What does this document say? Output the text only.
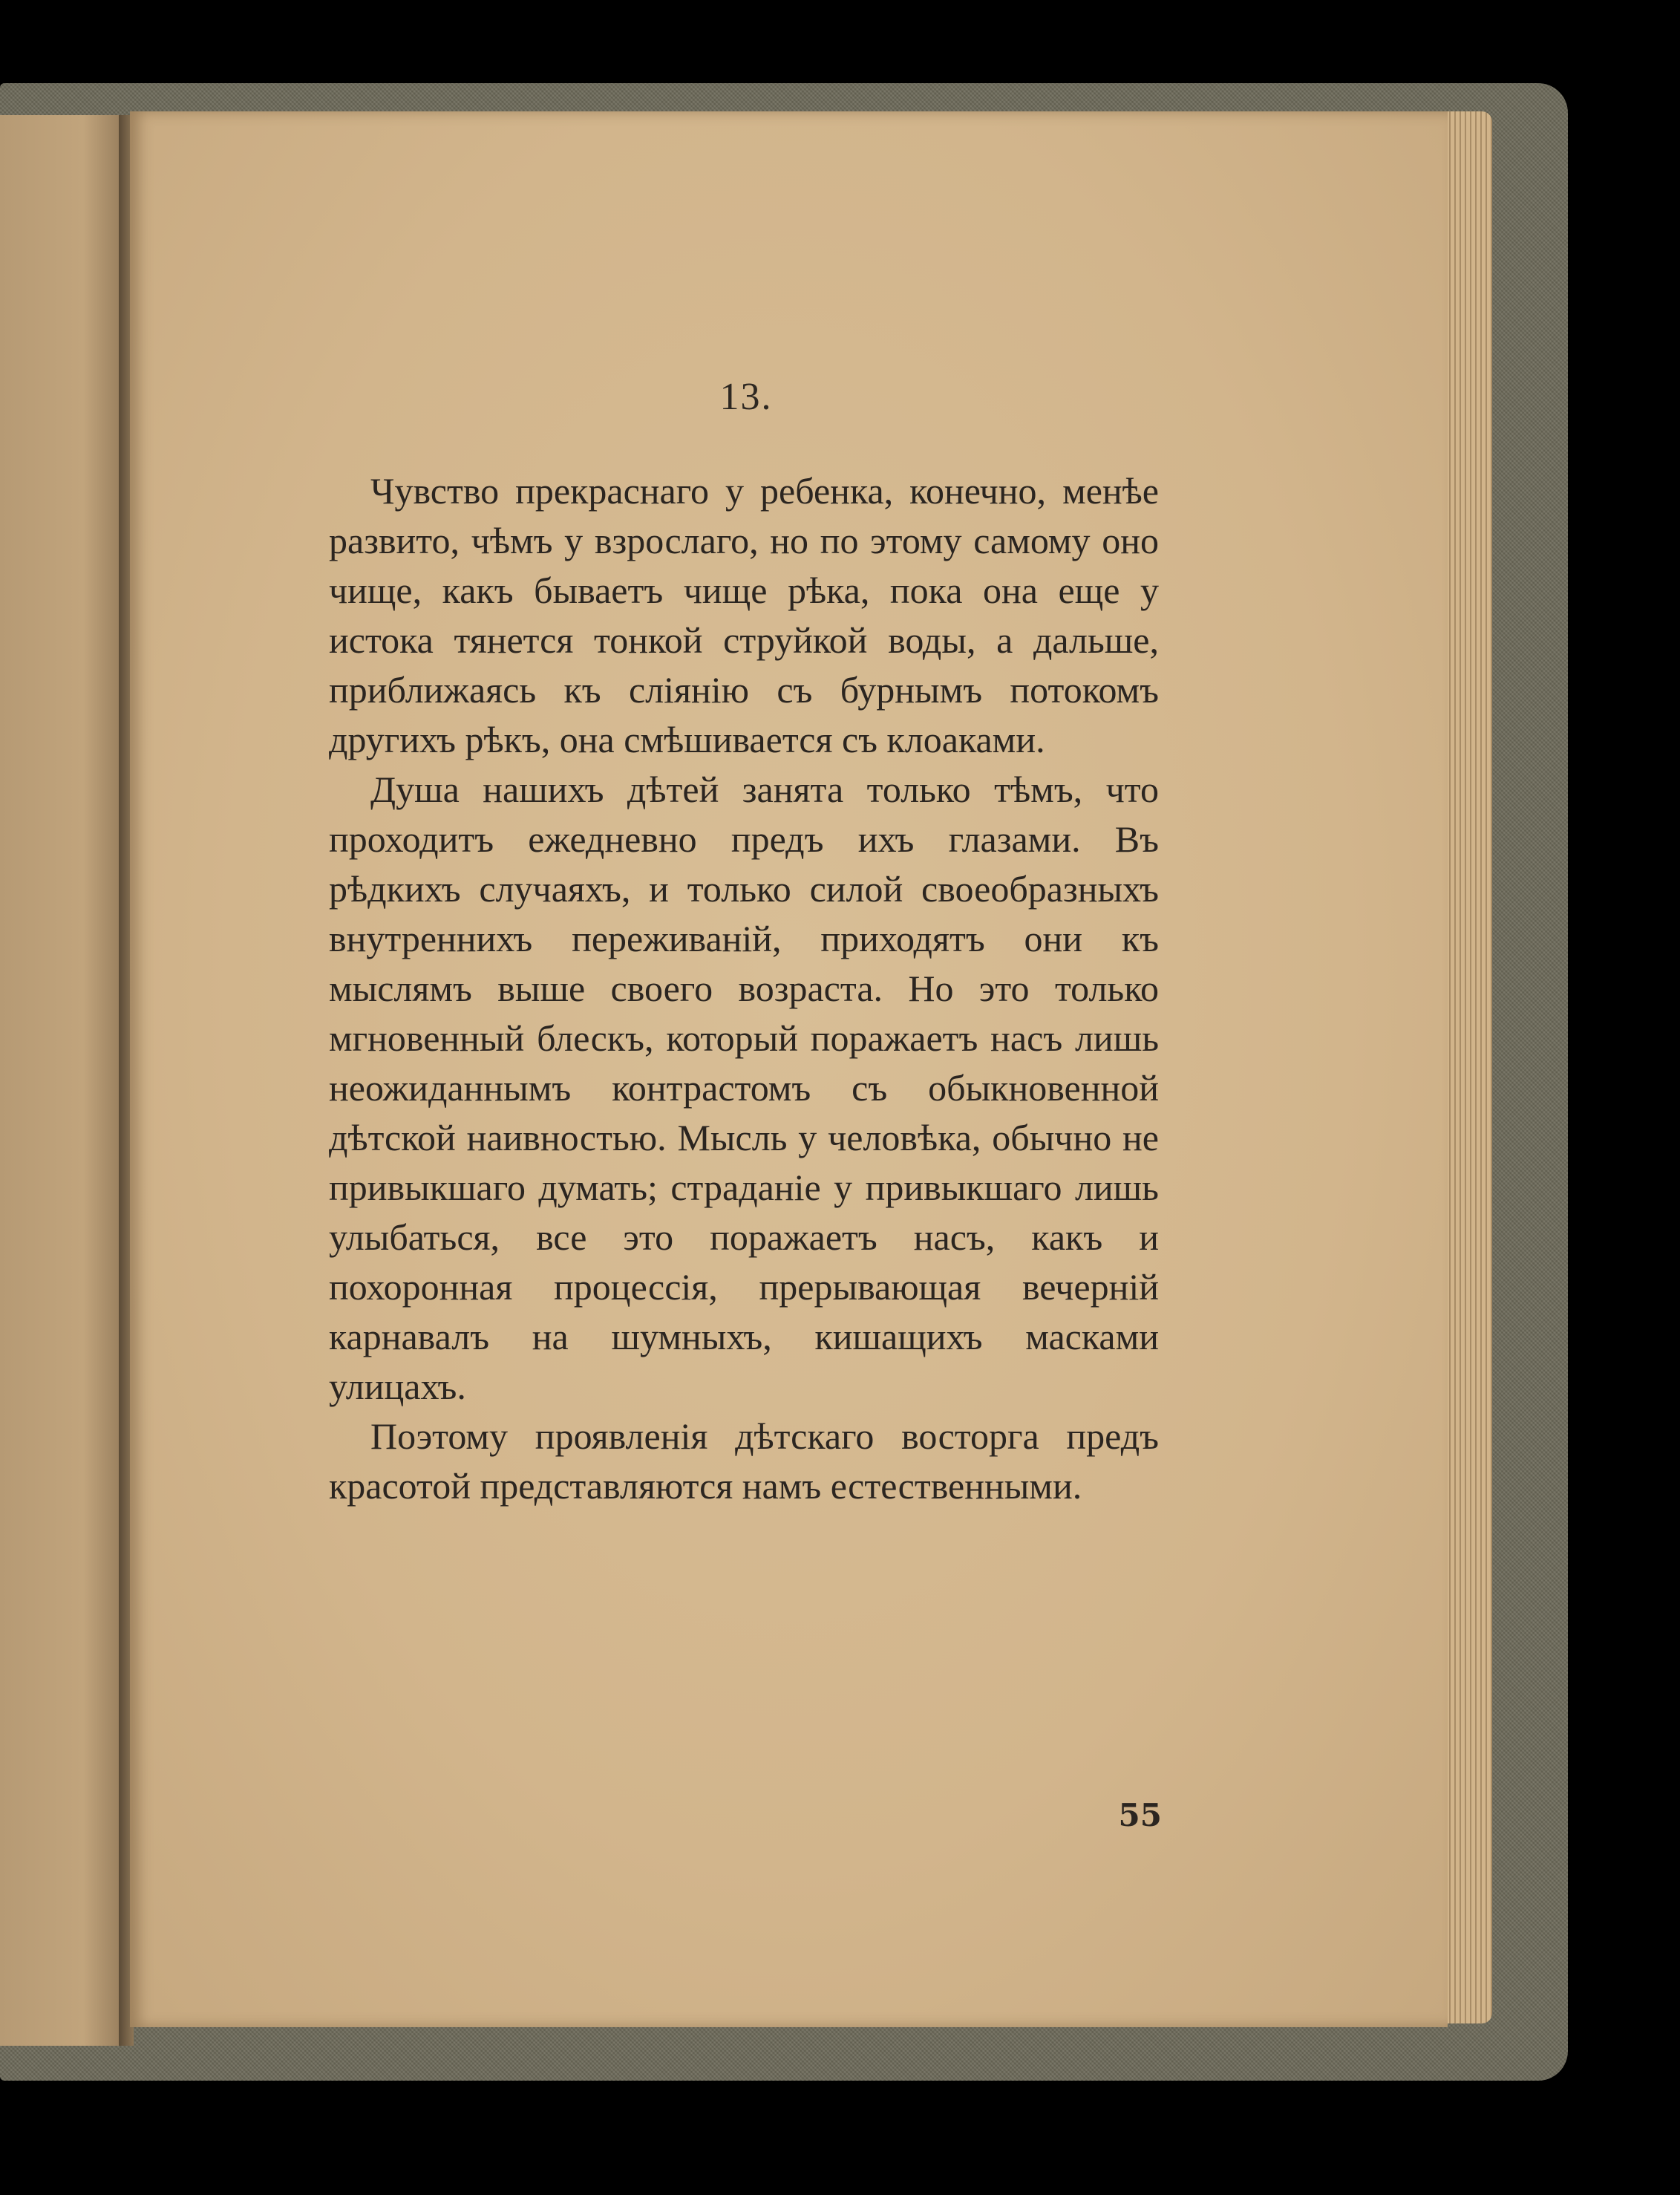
13.

Чувство прекраснаго у ребенка, конечно, менѣе развито, чѣмъ у взрослаго, но по этому самому оно чище, какъ бываетъ чище рѣка, пока она еще у истока тянется тонкой струйкой воды, а дальше, приближаясь къ сліянію съ бурнымъ потокомъ другихъ рѣкъ, она смѣшивается съ клоаками.

Душа нашихъ дѣтей занята только тѣмъ, что проходитъ ежедневно предъ ихъ глазами. Въ рѣдкихъ случаяхъ, и только силой своеобразныхъ внутреннихъ переживаній, приходятъ они къ мыслямъ выше своего возраста. Но это только мгновенный блескъ, который поражаетъ насъ лишь неожиданнымъ контрастомъ съ обыкновенной дѣтской наивностью. Мысль у человѣка, обычно не привыкшаго думать; страданіе у привыкшаго лишь улыбаться, все это поражаетъ насъ, какъ и похоронная процессія, прерывающая вечерній карнавалъ на шумныхъ, кишащихъ масками улицахъ.

Поэтому проявленія дѣтскаго восторга предъ красотой представляются намъ естественными.

55
